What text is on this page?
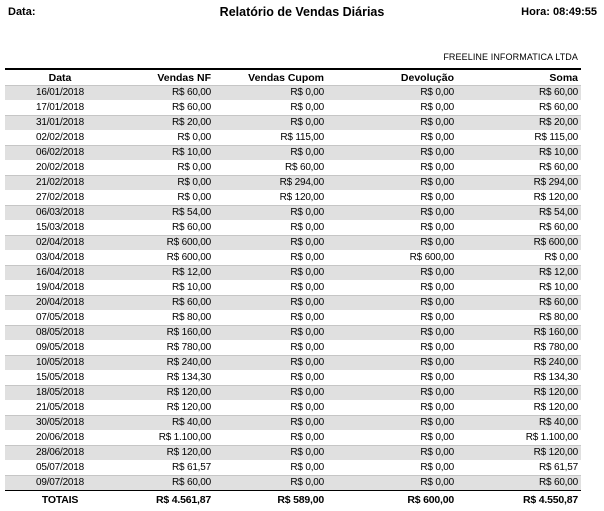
Data:	Relatório de Vendas Diárias	Hora: 08:49:55
FREELINE INFORMATICA LTDA
Data	Vendas NF	Vendas Cupom	Devolução	Soma
16/01/2018	R$ 60,00	R$ 0,00	R$ 0,00	R$ 60,00
17/01/2018	R$ 60,00	R$ 0,00	R$ 0,00	R$ 60,00
31/01/2018	R$ 20,00	R$ 0,00	R$ 0,00	R$ 20,00
02/02/2018	R$ 0,00	R$ 115,00	R$ 0,00	R$ 115,00
06/02/2018	R$ 10,00	R$ 0,00	R$ 0,00	R$ 10,00
20/02/2018	R$ 0,00	R$ 60,00	R$ 0,00	R$ 60,00
21/02/2018	R$ 0,00	R$ 294,00	R$ 0,00	R$ 294,00
27/02/2018	R$ 0,00	R$ 120,00	R$ 0,00	R$ 120,00
06/03/2018	R$ 54,00	R$ 0,00	R$ 0,00	R$ 54,00
15/03/2018	R$ 60,00	R$ 0,00	R$ 0,00	R$ 60,00
02/04/2018	R$ 600,00	R$ 0,00	R$ 0,00	R$ 600,00
03/04/2018	R$ 600,00	R$ 0,00	R$ 600,00	R$ 0,00
16/04/2018	R$ 12,00	R$ 0,00	R$ 0,00	R$ 12,00
19/04/2018	R$ 10,00	R$ 0,00	R$ 0,00	R$ 10,00
20/04/2018	R$ 60,00	R$ 0,00	R$ 0,00	R$ 60,00
07/05/2018	R$ 80,00	R$ 0,00	R$ 0,00	R$ 80,00
08/05/2018	R$ 160,00	R$ 0,00	R$ 0,00	R$ 160,00
09/05/2018	R$ 780,00	R$ 0,00	R$ 0,00	R$ 780,00
10/05/2018	R$ 240,00	R$ 0,00	R$ 0,00	R$ 240,00
15/05/2018	R$ 134,30	R$ 0,00	R$ 0,00	R$ 134,30
18/05/2018	R$ 120,00	R$ 0,00	R$ 0,00	R$ 120,00
21/05/2018	R$ 120,00	R$ 0,00	R$ 0,00	R$ 120,00
30/05/2018	R$ 40,00	R$ 0,00	R$ 0,00	R$ 40,00
20/06/2018	R$ 1.100,00	R$ 0,00	R$ 0,00	R$ 1.100,00
28/06/2018	R$ 120,00	R$ 0,00	R$ 0,00	R$ 120,00
05/07/2018	R$ 61,57	R$ 0,00	R$ 0,00	R$ 61,57
09/07/2018	R$ 60,00	R$ 0,00	R$ 0,00	R$ 60,00
TOTAIS	R$ 4.561,87	R$ 589,00	R$ 600,00	R$ 4.550,87
